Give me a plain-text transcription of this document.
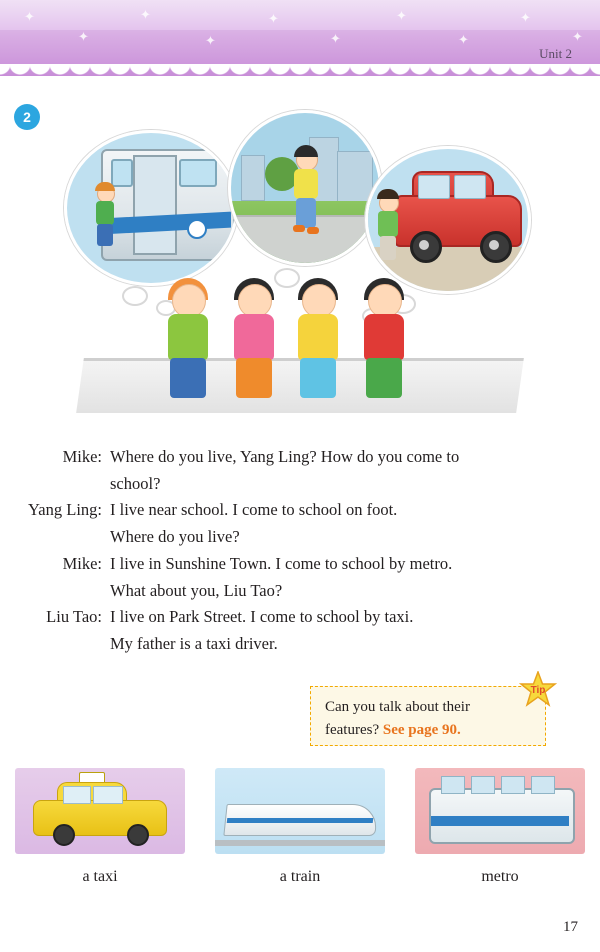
✦
✦
✦
✦
✦
✦
✦
✦
✦
✦
Unit 2
2
Mike: Where do you live, Yang Ling? How do you come to
school?
Yang Ling: I live near school. I come to school on foot.
Where do you live?
Mike: I live in Sunshine Town. I come to school by metro.
What about you, Liu Tao?
Liu Tao: I live on Park Street. I come to school by taxi.
My father is a taxi driver.
Can you talk about their
features? See page 90.
Tip
a taxi	a train	metro
17
